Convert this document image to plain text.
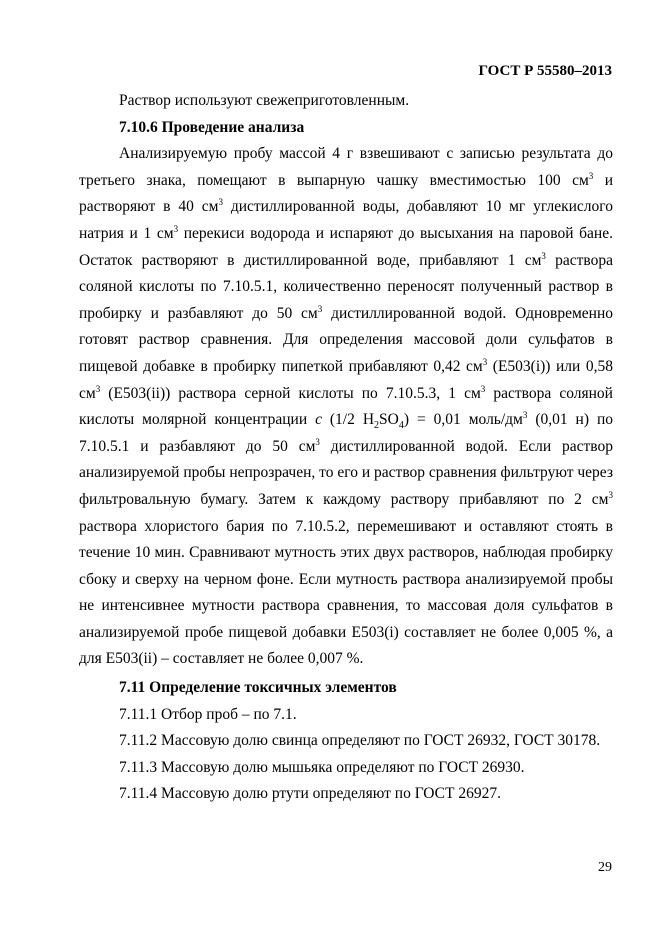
ГОСТ Р 55580–2013

Раствор используют свежеприготовленным.

7.10.6 Проведение анализа

Анализируемую пробу массой 4 г взвешивают с записью результата до третьего знака, помещают в выпарную чашку вместимостью 100 $см^3$ и растворяют в 40 $см^3$ дистиллированной воды, добавляют 10 мг углекислого натрия и 1 $см^3$ перекиси водорода и испаряют до высыхания на паровой бане. Остаток растворяют в дистиллированной воде, прибавляют 1 $см^3$ раствора соляной кислоты по 7.10.5.1, количественно переносят полученный раствор в пробирку и разбавляют до 50 $см^3$ дистиллированной водой. Одновременно готовят раствор сравнения. Для определения массовой доли сульфатов в пищевой добавке в пробирку пипеткой прибавляют 0,42 $см^3$ (E503(i)) или 0,58 $см^3$ (E503(ii)) раствора серной кислоты по 7.10.5.3, 1 $см^3$ раствора соляной кислоты молярной концентрации c (1/2 $H_2SO_4) = 0,01$ моль/$дм^3$ (0,01 н) по 7.10.5.1 и разбавляют до 50 $см^3$ дистиллированной водой. Если раствор анализируемой пробы непрозрачен, то его и раствор сравнения фильтруют через фильтровальную бумагу. Затем к каждому раствору прибавляют по 2 $см^3$ раствора хлористого бария по 7.10.5.2, перемешивают и оставляют стоять в течение 10 мин. Сравнивают мутность этих двух растворов, наблюдая пробирку сбоку и сверху на черном фоне. Если мутность раствора анализируемой пробы не интенсивнее мутности раствора сравнения, то массовая доля сульфатов в анализируемой пробе пищевой добавки E503(i) составляет не более 0,005 %, а для E503(ii) – составляет не более 0,007 %.

7.11 Определение токсичных элементов

7.11.1 Отбор проб – по 7.1.

7.11.2 Массовую долю свинца определяют по ГОСТ 26932, ГОСТ 30178.

7.11.3 Массовую долю мышьяка определяют по ГОСТ 26930.

7.11.4 Массовую долю ртути определяют по ГОСТ 26927.

29
